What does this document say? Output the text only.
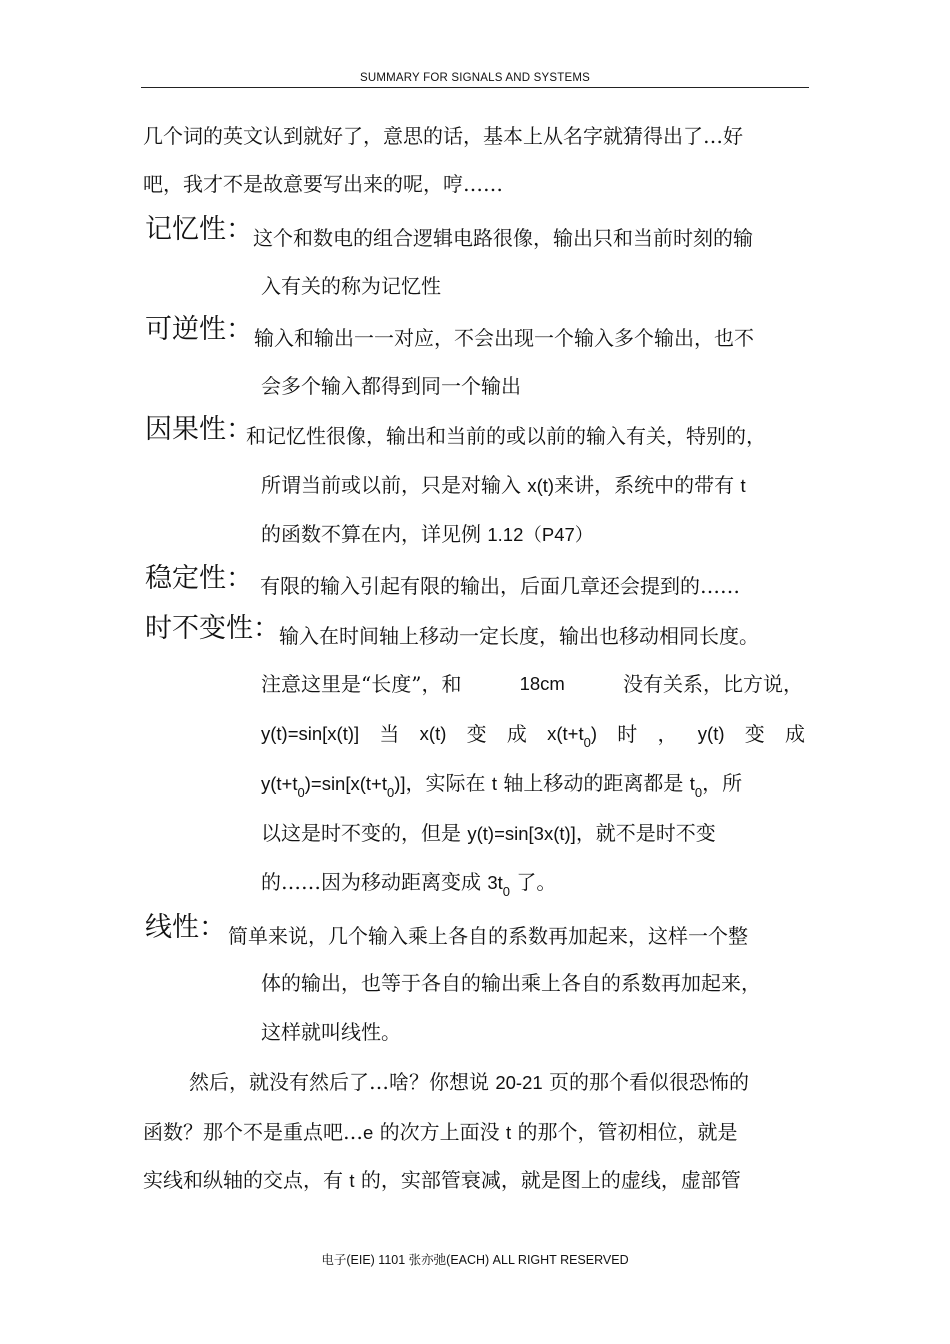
SUMMARY FOR SIGNALS AND SYSTEMS
几个词的英文认到就好了，意思的话，基本上从名字就猜得出了…好
吧，我才不是故意要写出来的呢，哼……
记忆性： 这个和数电的组合逻辑电路很像，输出只和当前时刻的输
入有关的称为记忆性
可逆性： 输入和输出一一对应，不会出现一个输入多个输出，也不
会多个输入都得到同一个输出
因果性：
和记忆性很像，输出和当前的或以前的输入有关，特别的，
所谓当前或以前，只是对输入 x(t)来讲，系统中的带有 t
的函数不算在内，详见例 1.12（P47）
稳定性： 有限的输入引起有限的输出，后面几章还会提到的……
时不变性： 输入在时间轴上移动一定长度，输出也移动相同长度。
注意这里是“长度”，和	18cm	没有关系，比方说，
y(t)=sin[x(t)] 当 x(t) 变 成 $x(t+t_0)$ 时 ， y(t) 变 成
$y(t+t_0)=\sin[x(t+t_0)]$，实际在 t 轴上移动的距离都是 $t_0$，所
以这是时不变的，但是 y(t)=sin[3x(t)]，就不是时不变
的……因为移动距离变成 $3t_0$ 了。
线性： 简单来说，几个输入乘上各自的系数再加起来，这样一个整
体的输出，也等于各自的输出乘上各自的系数再加起来，
这样就叫线性。
然后，就没有然后了…啥？你想说 20-21 页的那个看似很恐怖的
函数？那个不是重点吧…e 的次方上面没 t 的那个，管初相位，就是
实线和纵轴的交点，有 t 的，实部管衰减，就是图上的虚线，虚部管
电子(EIE) 1101 张亦弛(EACH) ALL RIGHT RESERVED
